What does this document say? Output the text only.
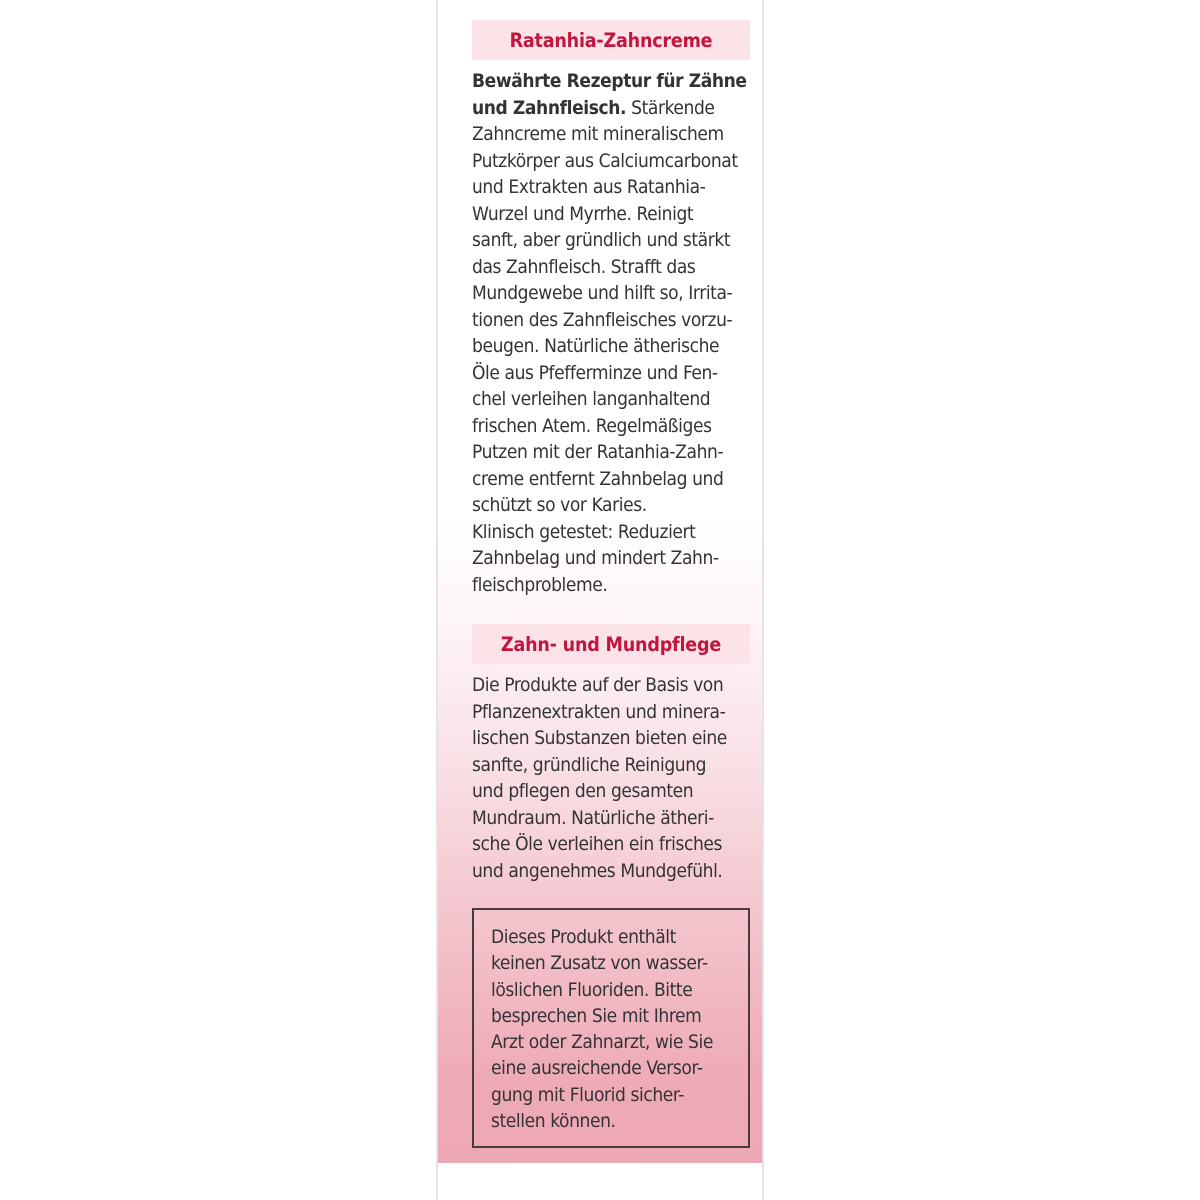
Ratanhia-Zahncreme
Bewährte Rezeptur für Zähne
und Zahnfleisch. Stärkende
Zahncreme mit mineralischem
Putzkörper aus Calciumcarbonat
und Extrakten aus Ratanhia-
Wurzel und Myrrhe. Reinigt
sanft, aber gründlich und stärkt
das Zahnfleisch. Strafft das
Mundgewebe und hilft so, Irrita-
tionen des Zahnfleisches vorzu-
beugen. Natürliche ätherische
Öle aus Pfefferminze und Fen-
chel verleihen langanhaltend
frischen Atem. Regelmäßiges
Putzen mit der Ratanhia-Zahn-
creme entfernt Zahnbelag und
schützt so vor Karies.
Klinisch getestet: Reduziert
Zahnbelag und mindert Zahn-
fleischprobleme.
Zahn- und Mundpflege
Die Produkte auf der Basis von
Pflanzenextrakten und minera-
lischen Substanzen bieten eine
sanfte, gründliche Reinigung
und pflegen den gesamten
Mundraum. Natürliche ätheri-
sche Öle verleihen ein frisches
und angenehmes Mundgefühl.
Dieses Produkt enthält
keinen Zusatz von wasser-
löslichen Fluoriden. Bitte
besprechen Sie mit Ihrem
Arzt oder Zahnarzt, wie Sie
eine ausreichende Versor-
gung mit Fluorid sicher-
stellen können.
